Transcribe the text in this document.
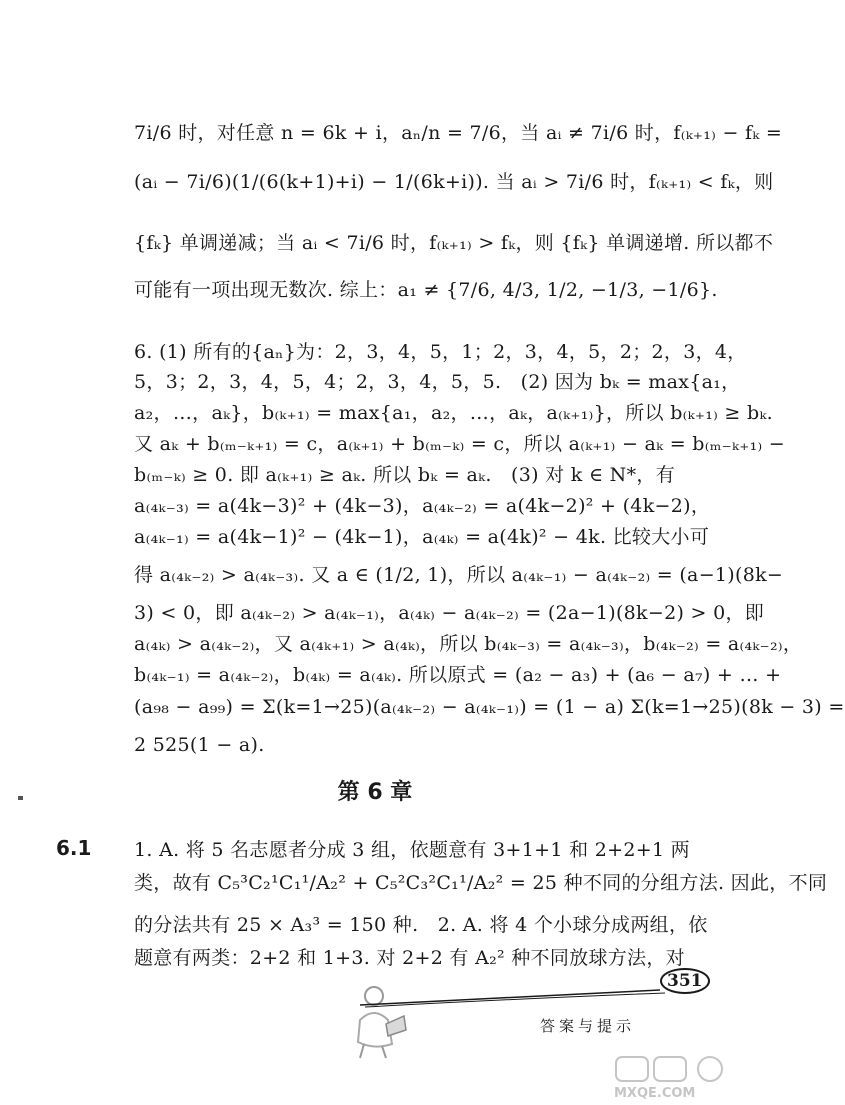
7i/6 时，对任意 n = 6k + i，aₙ/n = 7/6，当 aᵢ ≠ 7i/6 时，f₍ₖ₊₁₎ − fₖ =
(aᵢ − 7i/6)(1/(6(k+1)+i) − 1/(6k+i)). 当 aᵢ > 7i/6 时，f₍ₖ₊₁₎ < fₖ，则
{fₖ} 单调递减；当 aᵢ < 7i/6 时，f₍ₖ₊₁₎ > fₖ，则 {fₖ} 单调递增. 所以都不
可能有一项出现无数次. 综上：a₁ ≠ {7/6, 4/3, 1/2, −1/3, −1/6}.
6. (1) 所有的{aₙ}为：2，3，4，5，1；2，3，4，5，2；2，3，4，
5，3；2，3，4，5，4；2，3，4，5，5.　(2) 因为 bₖ = max{a₁，
a₂，…，aₖ}，b₍ₖ₊₁₎ = max{a₁，a₂，…，aₖ，a₍ₖ₊₁₎}，所以 b₍ₖ₊₁₎ ≥ bₖ.
又 aₖ + b₍ₘ₋ₖ₊₁₎ = c，a₍ₖ₊₁₎ + b₍ₘ₋ₖ₎ = c，所以 a₍ₖ₊₁₎ − aₖ = b₍ₘ₋ₖ₊₁₎ −
b₍ₘ₋ₖ₎ ≥ 0. 即 a₍ₖ₊₁₎ ≥ aₖ. 所以 bₖ = aₖ.　(3) 对 k ∈ N*，有
a₍₄ₖ₋₃₎ = a(4k−3)² + (4k−3)，a₍₄ₖ₋₂₎ = a(4k−2)² + (4k−2)，
a₍₄ₖ₋₁₎ = a(4k−1)² − (4k−1)，a₍₄ₖ₎ = a(4k)² − 4k. 比较大小可
得 a₍₄ₖ₋₂₎ > a₍₄ₖ₋₃₎. 又 a ∈ (1/2, 1)，所以 a₍₄ₖ₋₁₎ − a₍₄ₖ₋₂₎ = (a−1)(8k−
3) < 0，即 a₍₄ₖ₋₂₎ > a₍₄ₖ₋₁₎，a₍₄ₖ₎ − a₍₄ₖ₋₂₎ = (2a−1)(8k−2) > 0，即
a₍₄ₖ₎ > a₍₄ₖ₋₂₎，又 a₍₄ₖ₊₁₎ > a₍₄ₖ₎，所以 b₍₄ₖ₋₃₎ = a₍₄ₖ₋₃₎，b₍₄ₖ₋₂₎ = a₍₄ₖ₋₂₎，
b₍₄ₖ₋₁₎ = a₍₄ₖ₋₂₎，b₍₄ₖ₎ = a₍₄ₖ₎. 所以原式 = (a₂ − a₃) + (a₆ − a₇) + … +
(a₉₈ − a₉₉) = Σ(k=1→25)(a₍₄ₖ₋₂₎ − a₍₄ₖ₋₁₎) = (1 − a) Σ(k=1→25)(8k − 3) =
2 525(1 − a).
第 6 章
6.1 1. A. 将 5 名志愿者分成 3 组，依题意有 3+1+1 和 2+2+1 两
类，故有 C₅³C₂¹C₁¹/A₂² + C₅²C₃²C₁¹/A₂² = 25 种不同的分组方法. 因此，不同
的分法共有 25 × A₃³ = 150 种.　2. A. 将 4 个小球分成两组，依
题意有两类：2+2 和 1+3. 对 2+2 有 A₂² 种不同放球方法，对
351
答案与提示
MXQE.COM
